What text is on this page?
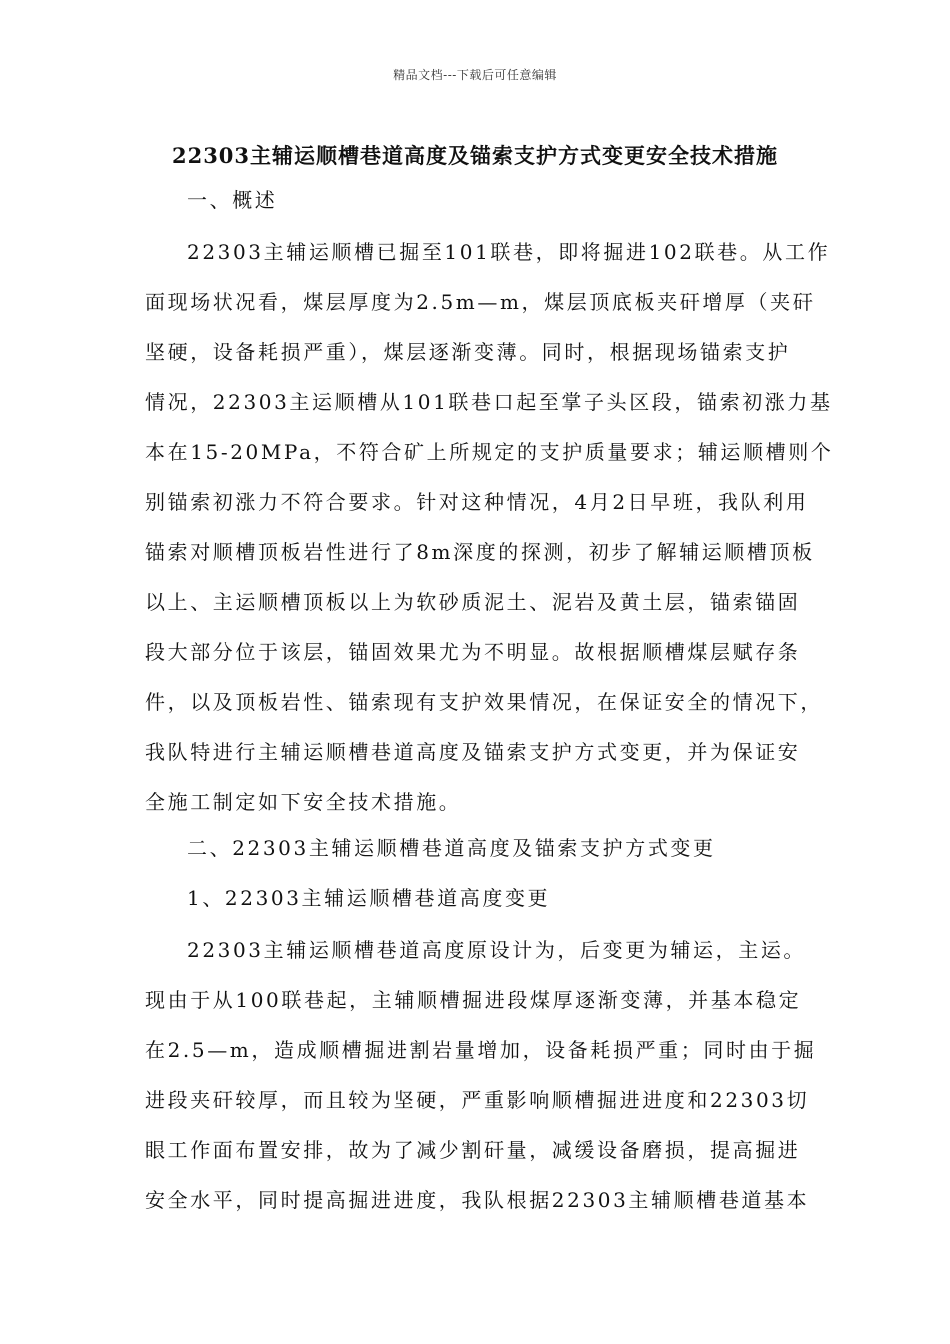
精品文档---下载后可任意编辑
22303主辅运顺槽巷道高度及锚索支护方式变更安全技术措施
一、概述
22303主辅运顺槽已掘至101联巷，即将掘进102联巷。从工作
面现场状况看，煤层厚度为2.5m—m，煤层顶底板夹矸增厚（夹矸
坚硬，设备耗损严重），煤层逐渐变薄。同时，根据现场锚索支护
情况，22303主运顺槽从101联巷口起至掌子头区段，锚索初涨力基
本在15-20MPa，不符合矿上所规定的支护质量要求；辅运顺槽则个
别锚索初涨力不符合要求。针对这种情况，4月2日早班，我队利用
锚索对顺槽顶板岩性进行了8m深度的探测，初步了解辅运顺槽顶板
以上、主运顺槽顶板以上为软砂质泥土、泥岩及黄土层，锚索锚固
段大部分位于该层，锚固效果尤为不明显。故根据顺槽煤层赋存条
件，以及顶板岩性、锚索现有支护效果情况，在保证安全的情况下，
我队特进行主辅运顺槽巷道高度及锚索支护方式变更，并为保证安
全施工制定如下安全技术措施。
二、22303主辅运顺槽巷道高度及锚索支护方式变更
1、22303主辅运顺槽巷道高度变更
22303主辅运顺槽巷道高度原设计为，后变更为辅运，主运。
现由于从100联巷起，主辅顺槽掘进段煤厚逐渐变薄，并基本稳定
在2.5—m，造成顺槽掘进割岩量增加，设备耗损严重；同时由于掘
进段夹矸较厚，而且较为坚硬，严重影响顺槽掘进进度和22303切
眼工作面布置安排，故为了减少割矸量，减缓设备磨损，提高掘进
安全水平，同时提高掘进进度，我队根据22303主辅顺槽巷道基本
